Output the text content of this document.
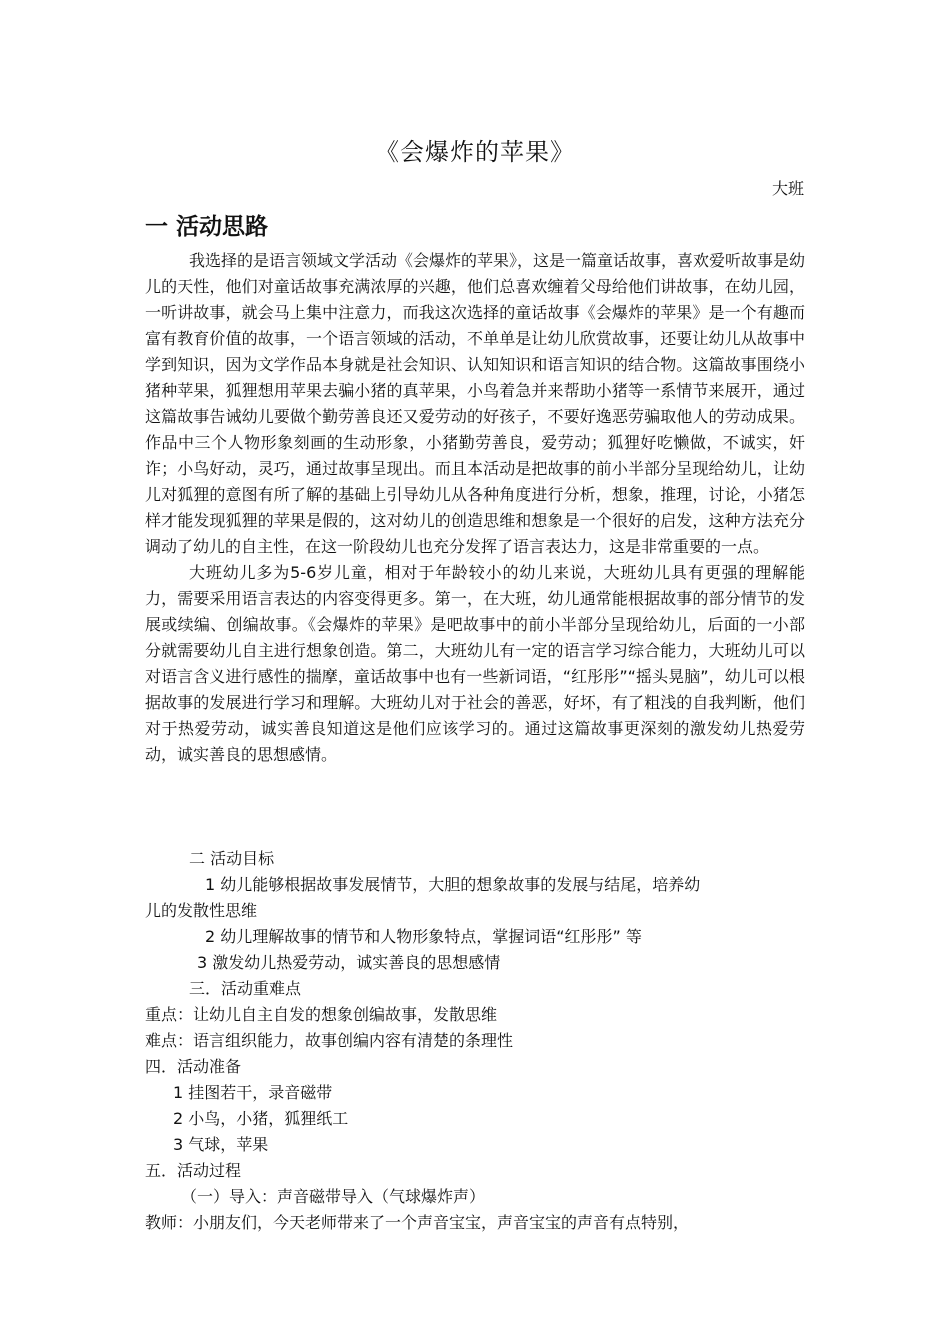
《会爆炸的苹果》
大班
一 活动思路

我选择的是语言领域文学活动《会爆炸的苹果》，这是一篇童话故事，喜欢爱听故事是幼儿的天性，他们对童话故事充满浓厚的兴趣，他们总喜欢缠着父母给他们讲故事，在幼儿园，一听讲故事，就会马上集中注意力，而我这次选择的童话故事《会爆炸的苹果》是一个有趣而富有教育价值的故事，一个语言领域的活动，不单单是让幼儿欣赏故事，还要让幼儿从故事中学到知识，因为文学作品本身就是社会知识、认知知识和语言知识的结合物。这篇故事围绕小猪种苹果，狐狸想用苹果去骗小猪的真苹果，小鸟着急并来帮助小猪等一系情节来展开，通过这篇故事告诫幼儿要做个勤劳善良还又爱劳动的好孩子，不要好逸恶劳骗取他人的劳动成果。作品中三个人物形象刻画的生动形象，小猪勤劳善良，爱劳动；狐狸好吃懒做，不诚实，奸诈；小鸟好动，灵巧，通过故事呈现出。而且本活动是把故事的前小半部分呈现给幼儿，让幼儿对狐狸的意图有所了解的基础上引导幼儿从各种角度进行分析，想象，推理，讨论，小猪怎样才能发现狐狸的苹果是假的，这对幼儿的创造思维和想象是一个很好的启发，这种方法充分调动了幼儿的自主性，在这一阶段幼儿也充分发挥了语言表达力，这是非常重要的一点。

大班幼儿多为5-6岁儿童，相对于年龄较小的幼儿来说，大班幼儿具有更强的理解能力，需要采用语言表达的内容变得更多。第一，在大班，幼儿通常能根据故事的部分情节的发展或续编、创编故事。《会爆炸的苹果》是吧故事中的前小半部分呈现给幼儿，后面的一小部分就需要幼儿自主进行想象创造。第二，大班幼儿有一定的语言学习综合能力，大班幼儿可以对语言含义进行感性的揣摩，童话故事中也有一些新词语，“红彤彤”“摇头晃脑”，幼儿可以根据故事的发展进行学习和理解。大班幼儿对于社会的善恶，好坏，有了粗浅的自我判断，他们对于热爱劳动，诚实善良知道这是他们应该学习的。通过这篇故事更深刻的激发幼儿热爱劳动，诚实善良的思想感情。

二 活动目标

1 幼儿能够根据故事发展情节，大胆的想象故事的发展与结尾，培养幼

儿的发散性思维

2 幼儿理解故事的情节和人物形象特点，掌握词语“红彤彤” 等

3 激发幼儿热爱劳动，诚实善良的思想感情

三．活动重难点

重点：让幼儿自主自发的想象创编故事，发散思维

难点：语言组织能力，故事创编内容有清楚的条理性

四．活动准备

1 挂图若干，录音磁带

2 小鸟，小猪，狐狸纸工

3 气球，苹果

五．活动过程

（一）导入：声音磁带导入（气球爆炸声）

教师：小朋友们，今天老师带来了一个声音宝宝，声音宝宝的声音有点特别，
